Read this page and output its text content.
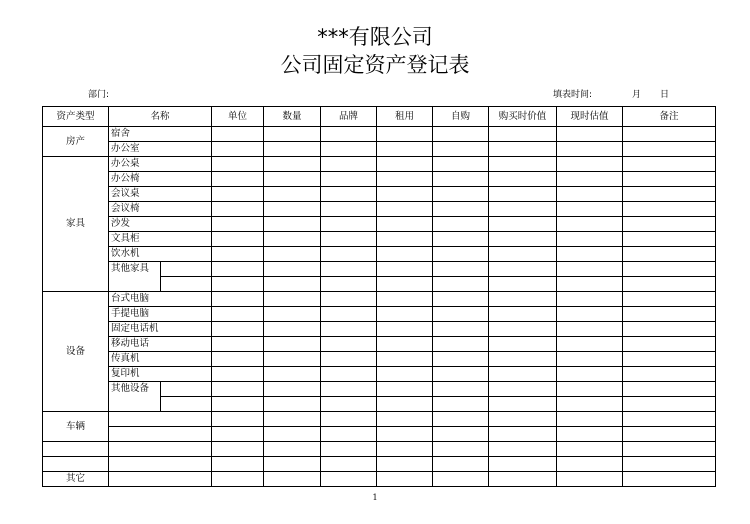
***有限公司
公司固定资产登记表
部门:	填表时间:	月 日
资产类型	名称		单位	数量	品牌	租用	自购	购买时价值	现时估值	备注
房产	宿舍									
	办公室									
家具	办公桌									
	办公椅									
	会议桌									
	会议椅									
	沙发									
	文具柜									
	饮水机									
	其他家具									

设备	台式电脑									
	手提电脑									
	固定电话机									
	移动电话									
	传真机									
	复印机									
	其他设备									

车辆										

其它										
1
